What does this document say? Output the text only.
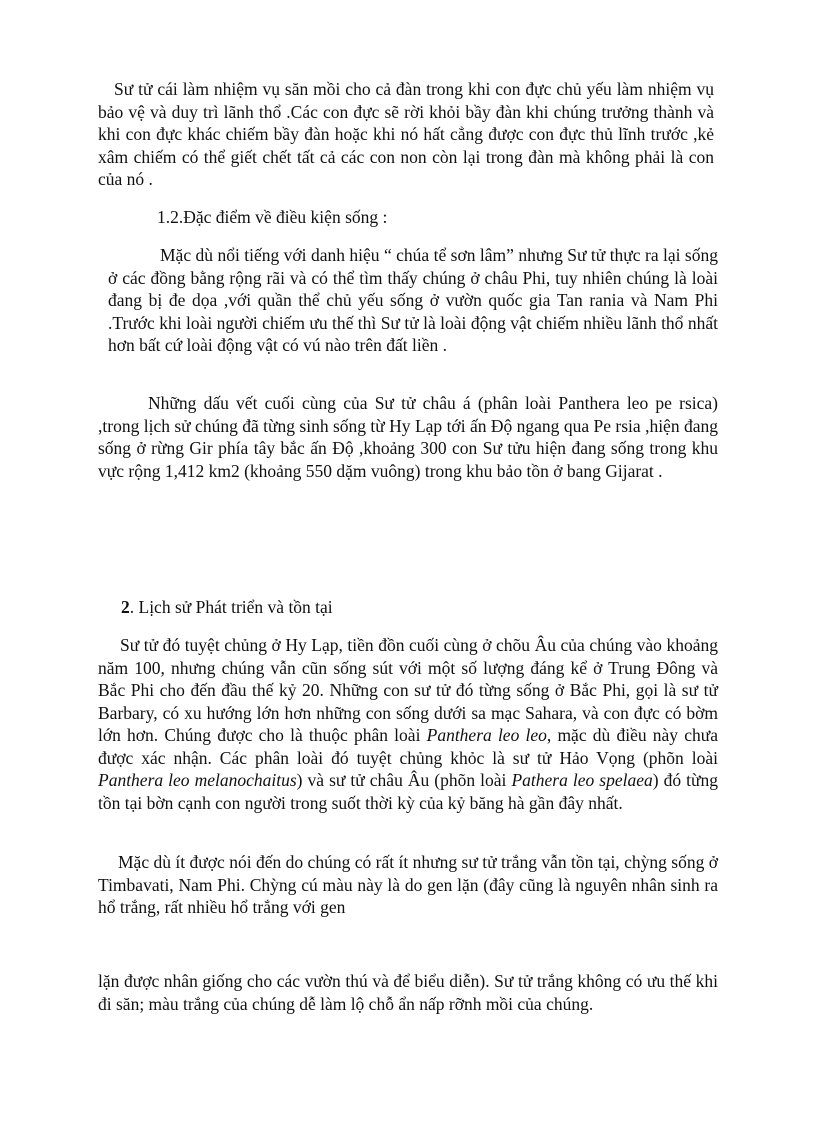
Sư tử cái làm nhiệm vụ săn mồi cho cả đàn trong khi con đực chủ yếu làm nhiệm vụ bảo vệ và duy trì lãnh thổ .Các con đực sẽ rời khỏi bầy đàn khi chúng trưởng thành và khi con đực khác chiếm bầy đàn hoặc khi nó hất cẳng được con đực thủ lĩnh trước ,kẻ xâm chiếm có thể giết chết tất cả các con non còn lại trong đàn mà không phải là con của nó .

1.2.Đặc điểm về điều kiện sống :

Mặc dù nổi tiếng với danh hiệu “ chúa tể sơn lâm” nhưng Sư tử thực ra lại sống ở các đồng bằng rộng rãi và có thể tìm thấy chúng ở châu Phi, tuy nhiên chúng là loài đang bị đe dọa ,với quần thể chủ yếu sống ở vườn quốc gia Tan rania và Nam Phi .Trước khi loài người chiếm ưu thế thì Sư tử là loài động vật chiếm nhiều lãnh thổ nhất hơn bất cứ loài động vật có vú nào trên đất liền .

Những dấu vết cuối cùng của Sư tử châu á (phân loài Panthera leo pe rsica) ,trong lịch sử chúng đã từng sinh sống từ Hy Lạp tới ấn Độ ngang qua Pe rsia ,hiện đang sống ở rừng Gir phía tây bắc ấn Độ ,khoảng 300 con Sư tửu hiện đang sống trong khu vực rộng 1,412 km2 (khoảng 550 dặm vuông) trong khu bảo tồn ở bang Gijarat .

2. Lịch sử Phát triển và tồn tại

Sư tử đó tuyệt chủng ở Hy Lạp, tiền đồn cuối cùng ở chõu Âu của chúng vào khoảng năm 100, nhưng chúng vẫn cũn sống sút với một số lượng đáng kể ở Trung Đông và Bắc Phi cho đến đầu thế kỷ 20. Những con sư tử đó từng sống ở Bắc Phi, gọi là sư tử Barbary, có xu hướng lớn hơn những con sống dưới sa mạc Sahara, và con đực có bờm lớn hơn. Chúng được cho là thuộc phân loài Panthera leo leo, mặc dù điều này chưa được xác nhận. Các phân loài đó tuyệt chủng khỏc là sư tử Hảo Vọng (phõn loài Panthera leo melanochaitus) và sư tử châu Âu (phõn loài Pathera leo spelaea) đó từng tồn tại bờn cạnh con người trong suốt thời kỳ của kỷ băng hà gần đây nhất.

Mặc dù ít được nói đến do chúng có rất ít nhưng sư tử trắng vẫn tồn tại, chỳng sống ở Timbavati, Nam Phi. Chỳng cú màu này là do gen lặn (đây cũng là nguyên nhân sinh ra hổ trắng, rất nhiều hổ trắng với gen

lặn được nhân giống cho các vườn thú và để biểu diễn). Sư tử trắng không có ưu thế khi đi săn; màu trắng của chúng dễ làm lộ chỗ ẩn nấp rỡnh mồi của chúng.
